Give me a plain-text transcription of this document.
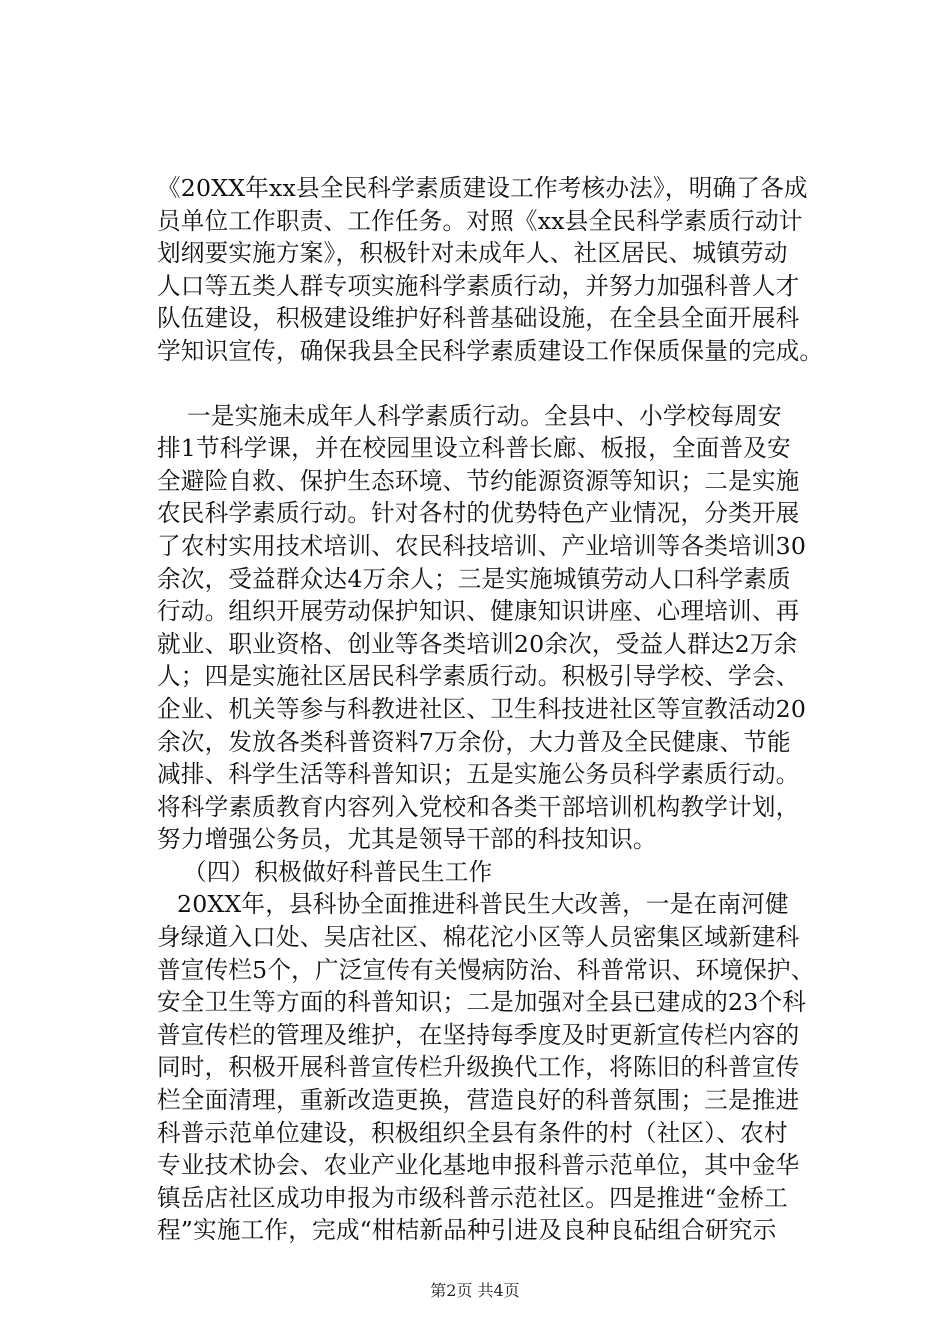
《20XX年xx县全民科学素质建设工作考核办法》，明确了各成
员单位工作职责、工作任务。对照《xx县全民科学素质行动计
划纲要实施方案》，积极针对未成年人、社区居民、城镇劳动
人口等五类人群专项实施科学素质行动，并努力加强科普人才
队伍建设，积极建设维护好科普基础设施，在全县全面开展科
学知识宣传，确保我县全民科学素质建设工作保质保量的完成。
一是实施未成年人科学素质行动。全县中、小学校每周安
排1节科学课，并在校园里设立科普长廊、板报，全面普及安
全避险自救、保护生态环境、节约能源资源等知识；二是实施
农民科学素质行动。针对各村的优势特色产业情况，分类开展
了农村实用技术培训、农民科技培训、产业培训等各类培训30
余次，受益群众达4万余人；三是实施城镇劳动人口科学素质
行动。组织开展劳动保护知识、健康知识讲座、心理培训、再
就业、职业资格、创业等各类培训20余次，受益人群达2万余
人；四是实施社区居民科学素质行动。积极引导学校、学会、
企业、机关等参与科教进社区、卫生科技进社区等宣教活动20
余次，发放各类科普资料7万余份，大力普及全民健康、节能
减排、科学生活等科普知识；五是实施公务员科学素质行动。
将科学素质教育内容列入党校和各类干部培训机构教学计划，
努力增强公务员，尤其是领导干部的科技知识。
（四）积极做好科普民生工作
20XX年，县科协全面推进科普民生大改善，一是在南河健
身绿道入口处、吴店社区、棉花沱小区等人员密集区域新建科
普宣传栏5个，广泛宣传有关慢病防治、科普常识、环境保护、
安全卫生等方面的科普知识；二是加强对全县已建成的23个科
普宣传栏的管理及维护，在坚持每季度及时更新宣传栏内容的
同时，积极开展科普宣传栏升级换代工作，将陈旧的科普宣传
栏全面清理，重新改造更换，营造良好的科普氛围；三是推进
科普示范单位建设，积极组织全县有条件的村（社区）、农村
专业技术协会、农业产业化基地申报科普示范单位，其中金华
镇岳店社区成功申报为市级科普示范社区。四是推进“金桥工
程”实施工作，完成“柑桔新品种引进及良种良砧组合研究示
第2页 共4页
